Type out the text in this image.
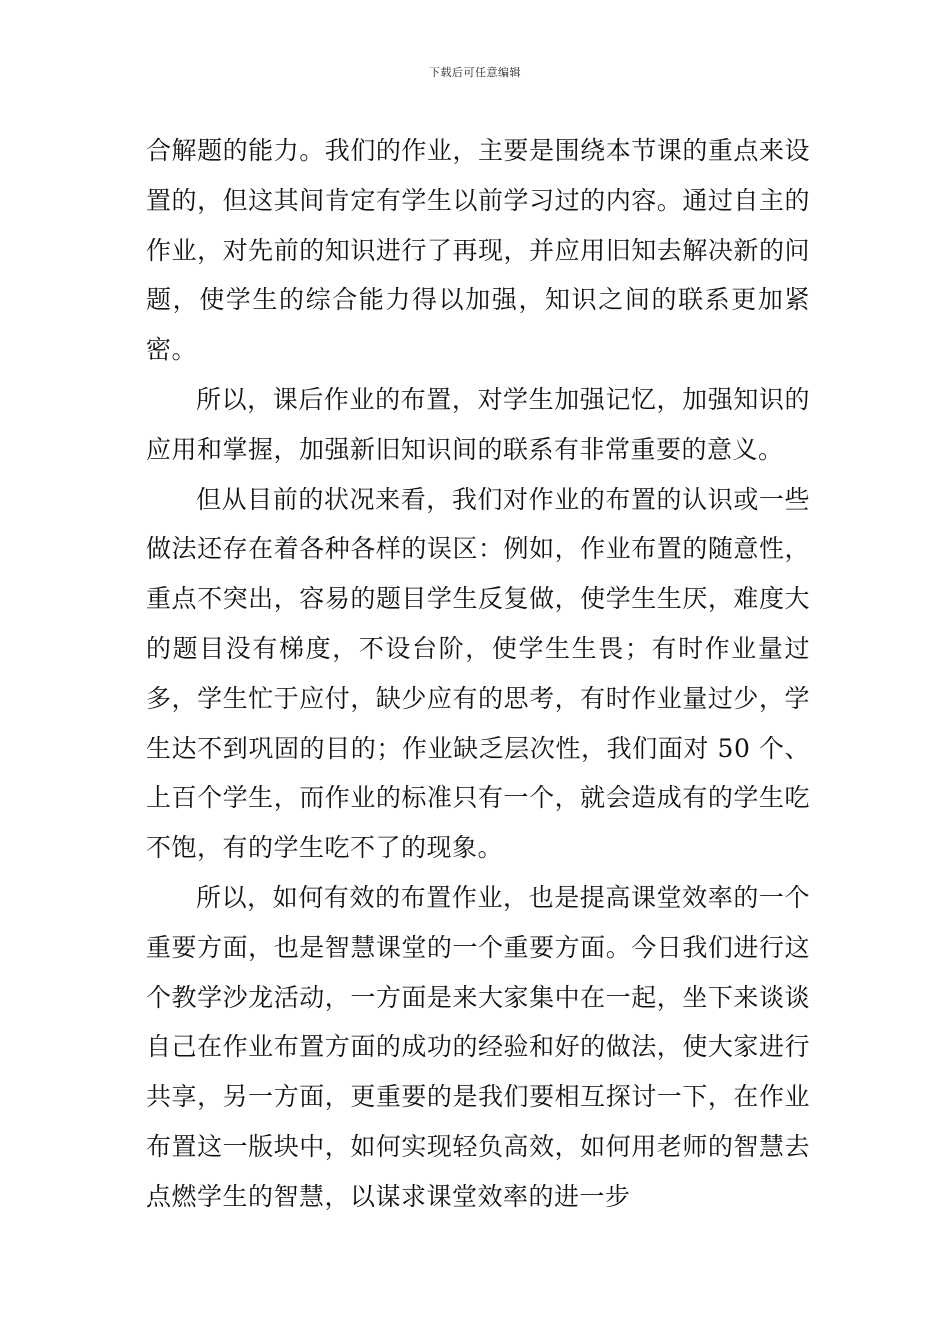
下载后可任意编辑

合解题的能力。我们的作业，主要是围绕本节课的重点来设置的，但这其间肯定有学生以前学习过的内容。通过自主的作业，对先前的知识进行了再现，并应用旧知去解决新的问题，使学生的综合能力得以加强，知识之间的联系更加紧密。

所以，课后作业的布置，对学生加强记忆，加强知识的应用和掌握，加强新旧知识间的联系有非常重要的意义。

但从目前的状况来看，我们对作业的布置的认识或一些做法还存在着各种各样的误区：例如，作业布置的随意性，重点不突出，容易的题目学生反复做，使学生生厌，难度大的题目没有梯度，不设台阶，使学生生畏；有时作业量过多，学生忙于应付，缺少应有的思考，有时作业量过少，学生达不到巩固的目的；作业缺乏层次性，我们面对 50 个、上百个学生，而作业的标准只有一个，就会造成有的学生吃不饱，有的学生吃不了的现象。

所以，如何有效的布置作业，也是提高课堂效率的一个重要方面，也是智慧课堂的一个重要方面。今日我们进行这个教学沙龙活动，一方面是来大家集中在一起，坐下来谈谈自己在作业布置方面的成功的经验和好的做法，使大家进行共享，另一方面，更重要的是我们要相互探讨一下，在作业布置这一版块中，如何实现轻负高效，如何用老师的智慧去点燃学生的智慧，以谋求课堂效率的进一步
